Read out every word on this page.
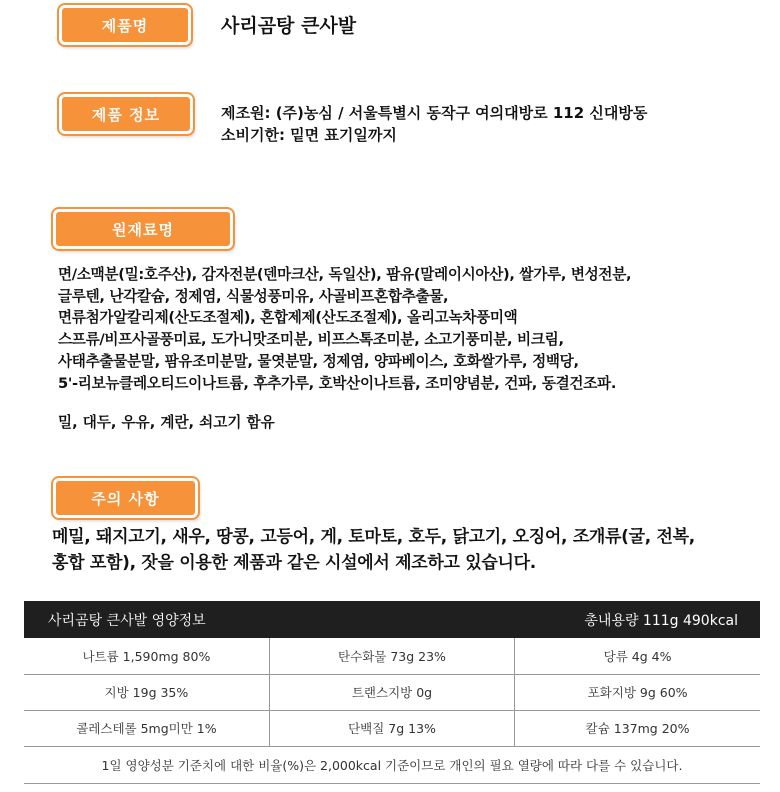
제품명	사리곰탕 큰사발
제품 정보	제조원: (주)농심 / 서울특별시 동작구 여의대방로 112 신대방동
소비기한: 밑면 표기일까지
원재료명

면/소맥분(밀:호주산), 감자전분(덴마크산, 독일산), 팜유(말레이시아산), 쌀가루, 변성전분,

글루텐, 난각칼슘, 정제염, 식물성풍미유, 사골비프혼합추출물,

면류첨가알칼리제(산도조절제), 혼합제제(산도조절제), 올리고녹차풍미액

스프류/비프사골풍미료, 도가니맛조미분, 비프스톡조미분, 소고기풍미분, 비크림,

사태추출물분말, 팜유조미분말, 물엿분말, 정제염, 양파베이스, 호화쌀가루, 정백당,

5'-리보뉴클레오티드이나트륨, 후추가루, 호박산이나트륨, 조미양념분, 건파, 동결건조파.

밀, 대두, 우유, 계란, 쇠고기 함유
주의 사항

메밀, 돼지고기, 새우, 땅콩, 고등어, 게, 토마토, 호두, 닭고기, 오징어, 조개류(굴, 전복,

홍합 포함), 잣을 이용한 제품과 같은 시설에서 제조하고 있습니다.

사리곰탕 큰사발 영양정보	총내용량 111g 490kcal
나트륨 1,590mg 80%	탄수화물 73g 23%	당류 4g 4%
지방 19g 35%	트랜스지방 0g	포화지방 9g 60%
콜레스테롤 5mg미만 1%	단백질 7g 13%	칼슘 137mg 20%
1일 영양성분 기준치에 대한 비율(%)은 2,000kcal 기준이므로 개인의 필요 열량에 따라 다를 수 있습니다.
